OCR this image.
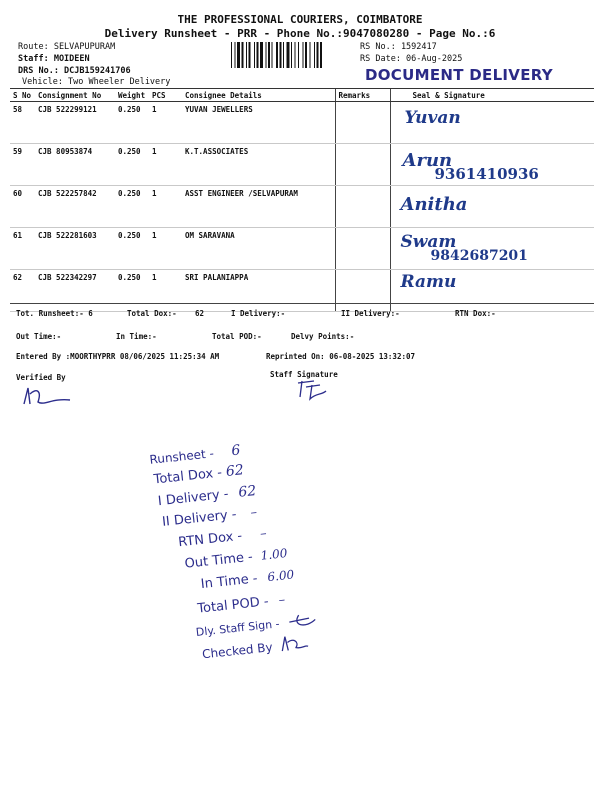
THE PROFESSIONAL COURIERS, COIMBATORE
Delivery Runsheet - PRR - Phone No.:9047080280 - Page No.:6
Route: SELVAPUPURAM
Staff: MOIDEEN
DRS No.: DCJB159241706
Vehicle: Two Wheeler Delivery
RS No.: 1592417
RS Date: 06-Aug-2025
DOCUMENT DELIVERY
S No	Consignment No	Weight	PCS	Consignee Details	Remarks	Seal & Signature
58	CJB 522299121	0.250	1	YUVAN JEWELLERS		Yuvan

59	CJB 80953874	0.250	1	K.T.ASSOCIATES		Arun
9361410936

60	CJB 522257842	0.250	1	ASST ENGINEER /SELVAPURAM		Anitha

61	CJB 522281603	0.250	1	OM SARAVANA		Swam
9842687201

62	CJB 522342297	0.250	1	SRI PALANIAPPA		Ramu
Tot. Runsheet:- 6	Total Dox:- 62	I Delivery:-	II Delivery:-	RTN Dox:-
Out Time:-	In Time:-	Total POD:-	Delvy Points:-
Entered By :MOORTHYPRR 08/06/2025 11:25:34 AM	Reprinted On: 06-08-2025 13:32:07
Verified By	Staff Signature
Runsheet - 6
Total Dox - 62
I Delivery - 62
II Delivery - –
RTN Dox - –
Out Time - 1.00
In Time - 6.00
Total POD - –
Dly. Staff Sign -
Checked By
